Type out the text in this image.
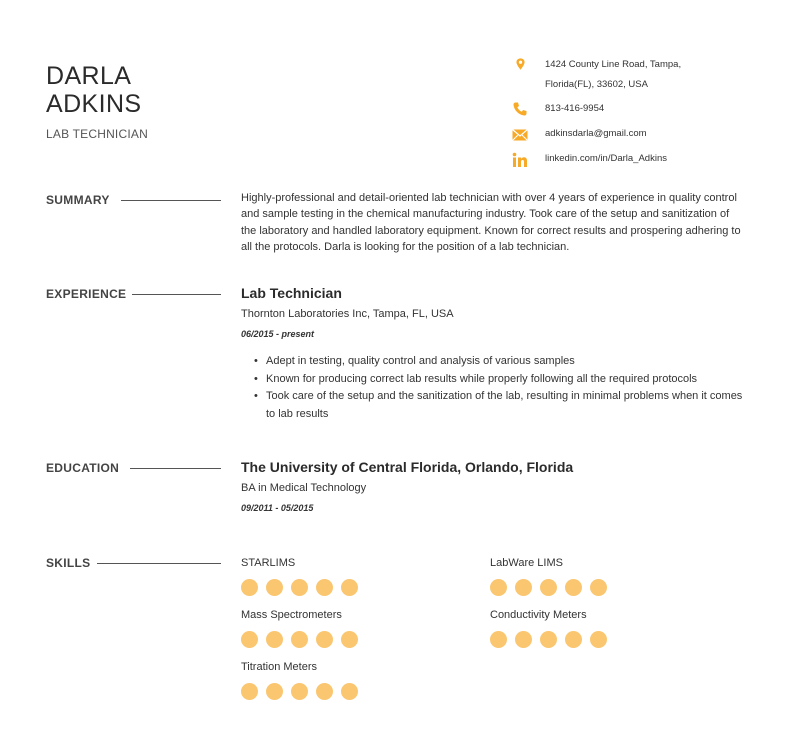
DARLA
ADKINS
LAB TECHNICIAN
1424 County Line Road, Tampa,
Florida(FL), 33602, USA
813-416-9954
adkinsdarla@gmail.com
linkedin.com/in/Darla_Adkins
SUMMARY	Highly-professional and detail-oriented lab technician with over 4 years of experience in quality control and sample testing in the chemical manufacturing industry. Took care of the setup and sanitization of the laboratory and handled laboratory equipment. Known for correct results and prospering adhering to all the protocols. Darla is looking for the position of a lab technician.
EXPERIENCE	Lab Technician
Thornton Laboratories Inc, Tampa, FL, USA
06/2015 - present
• Adept in testing, quality control and analysis of various samples
• Known for producing correct lab results while properly following all the required protocols
• Took care of the setup and the sanitization of the lab, resulting in minimal problems when it comes to lab results
EDUCATION	The University of Central Florida, Orlando, Florida
BA in Medical Technology
09/2011 - 05/2015
SKILLS	STARLIMS	LabWare LIMS
Mass Spectrometers	Conductivity Meters
Titration Meters
